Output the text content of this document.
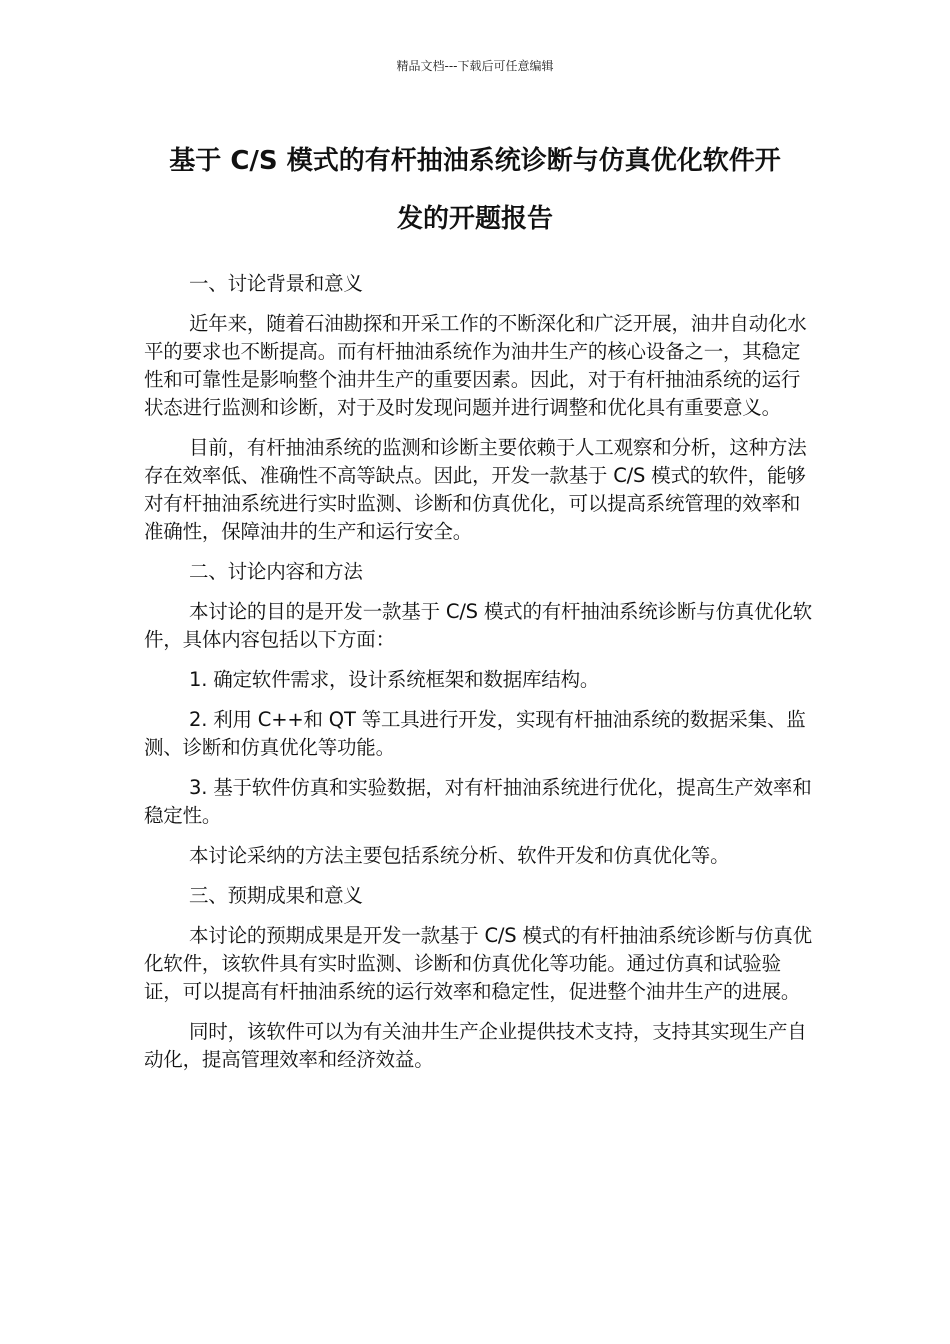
精品文档---下载后可任意编辑
基于 C/S 模式的有杆抽油系统诊断与仿真优化软件开
发的开题报告

一、讨论背景和意义

近年来，随着石油勘探和开采工作的不断深化和广泛开展，油井自动化水平的要求也不断提高。而有杆抽油系统作为油井生产的核心设备之一，其稳定性和可靠性是影响整个油井生产的重要因素。因此，对于有杆抽油系统的运行状态进行监测和诊断，对于及时发现问题并进行调整和优化具有重要意义。

目前，有杆抽油系统的监测和诊断主要依赖于人工观察和分析，这种方法存在效率低、准确性不高等缺点。因此，开发一款基于 C/S 模式的软件，能够对有杆抽油系统进行实时监测、诊断和仿真优化，可以提高系统管理的效率和准确性，保障油井的生产和运行安全。

二、讨论内容和方法

本讨论的目的是开发一款基于 C/S 模式的有杆抽油系统诊断与仿真优化软件，具体内容包括以下方面：

1. 确定软件需求，设计系统框架和数据库结构。

2. 利用 C++和 QT 等工具进行开发，实现有杆抽油系统的数据采集、监测、诊断和仿真优化等功能。

3. 基于软件仿真和实验数据，对有杆抽油系统进行优化，提高生产效率和稳定性。

本讨论采纳的方法主要包括系统分析、软件开发和仿真优化等。

三、预期成果和意义

本讨论的预期成果是开发一款基于 C/S 模式的有杆抽油系统诊断与仿真优化软件，该软件具有实时监测、诊断和仿真优化等功能。通过仿真和试验验证，可以提高有杆抽油系统的运行效率和稳定性，促进整个油井生产的进展。

同时，该软件可以为有关油井生产企业提供技术支持，支持其实现生产自动化，提高管理效率和经济效益。
